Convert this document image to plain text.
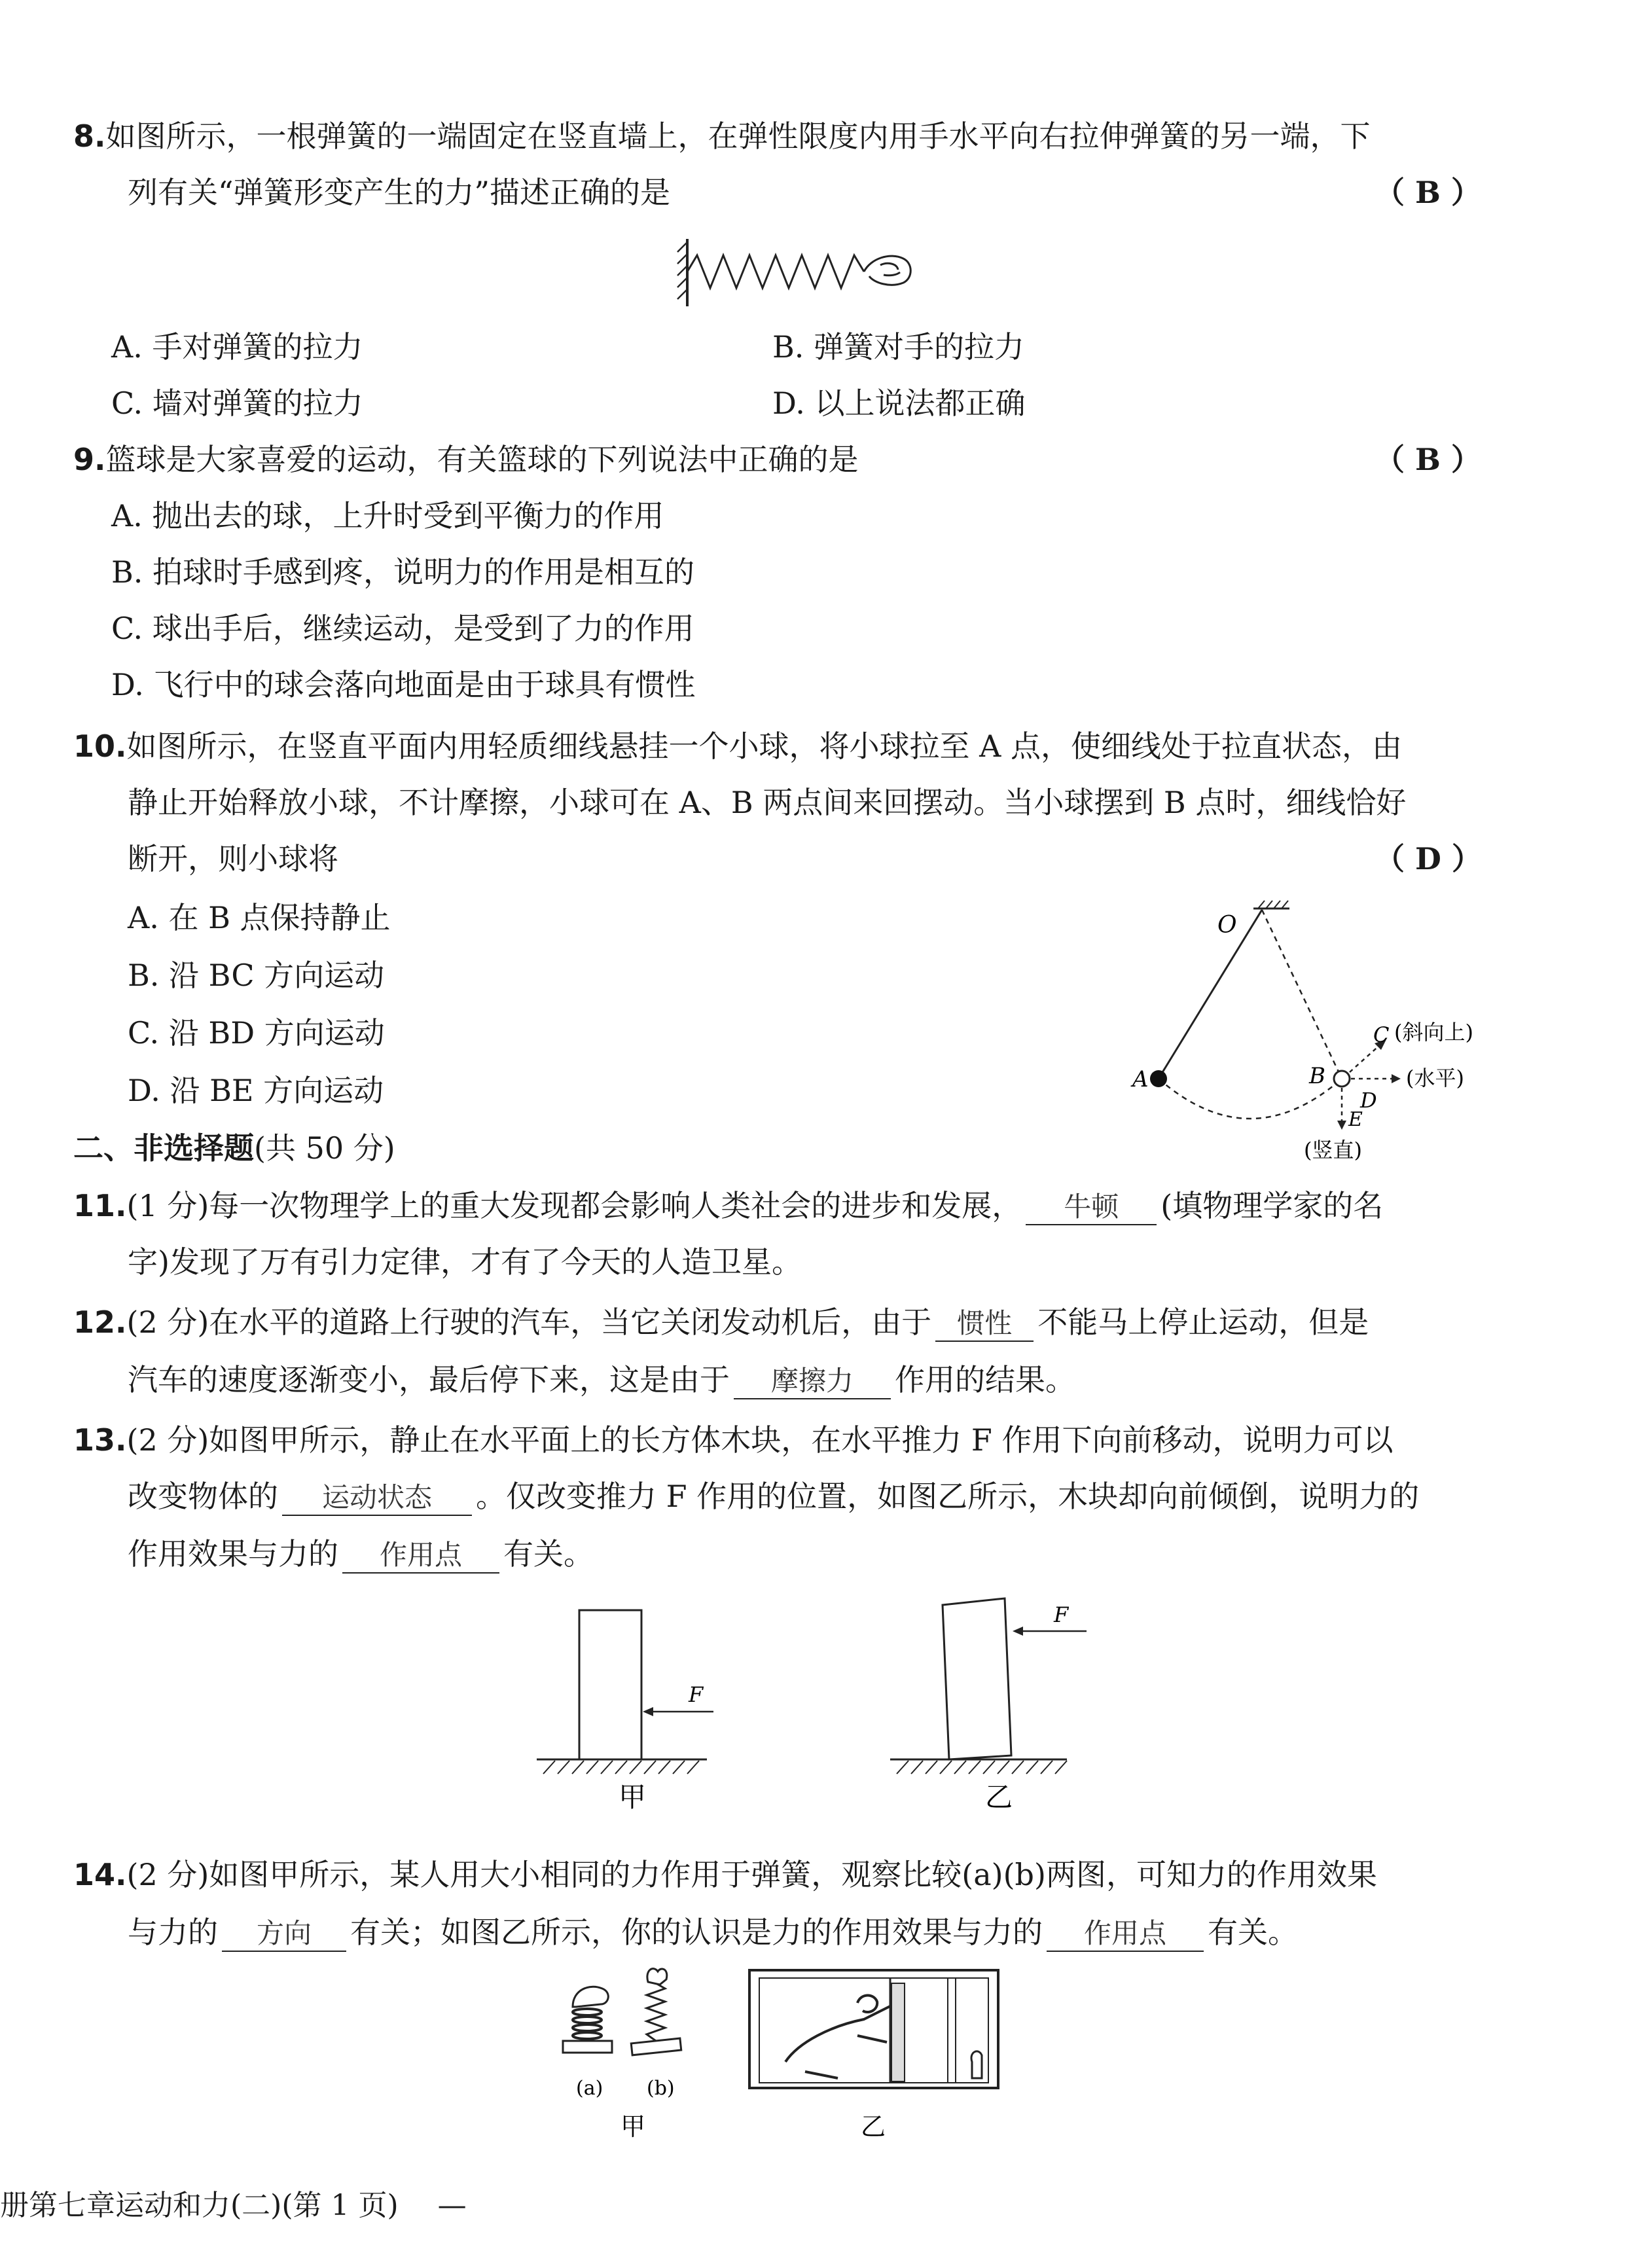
8.如图所示，一根弹簧的一端固定在竖直墙上，在弹性限度内用手水平向右拉伸弹簧的另一端，下
列有关“弹簧形变产生的力”描述正确的是	（ B ）
A. 手对弹簧的拉力	B. 弹簧对手的拉力
C. 墙对弹簧的拉力	D. 以上说法都正确
9.篮球是大家喜爱的运动，有关篮球的下列说法中正确的是	（ B ）
A. 抛出去的球，上升时受到平衡力的作用
B. 拍球时手感到疼，说明力的作用是相互的
C. 球出手后，继续运动，是受到了力的作用
D. 飞行中的球会落向地面是由于球具有惯性
10.如图所示，在竖直平面内用轻质细线悬挂一个小球，将小球拉至 A 点，使细线处于拉直状态，由
静止开始释放小球，不计摩擦，小球可在 A、B 两点间来回摆动。当小球摆到 B 点时，细线恰好
断开，则小球将	（ D ）
A. 在 B 点保持静止
B. 沿 BC 方向运动
C. 沿 BD 方向运动
D. 沿 BE 方向运动
O
A	B
C (斜向上)
D
(水平)
E
(竖直)
二、非选择题(共 50 分)
11.(1 分)每一次物理学上的重大发现都会影响人类社会的进步和发展， 牛顿 (填物理学家的名
字)发现了万有引力定律，才有了今天的人造卫星。
12.(2 分)在水平的道路上行驶的汽车，当它关闭发动机后，由于 惯性 不能马上停止运动，但是
汽车的速度逐渐变小，最后停下来，这是由于 摩擦力 作用的结果。
13.(2 分)如图甲所示，静止在水平面上的长方体木块，在水平推力 F 作用下向前移动，说明力可以
改变物体的 运动状态 。仅改变推力 F 作用的位置，如图乙所示，木块却向前倾倒，说明力的
作用效果与力的 作用点 有关。
F
甲
F
乙
14.(2 分)如图甲所示，某人用大小相同的力作用于弹簧，观察比较(a)(b)两图，可知力的作用效果
与力的 方向 有关；如图乙所示，你的认识是力的作用效果与力的 作用点 有关。
(a) (b)
甲	乙
册第七章运动和力(二)(第 1 页) —
